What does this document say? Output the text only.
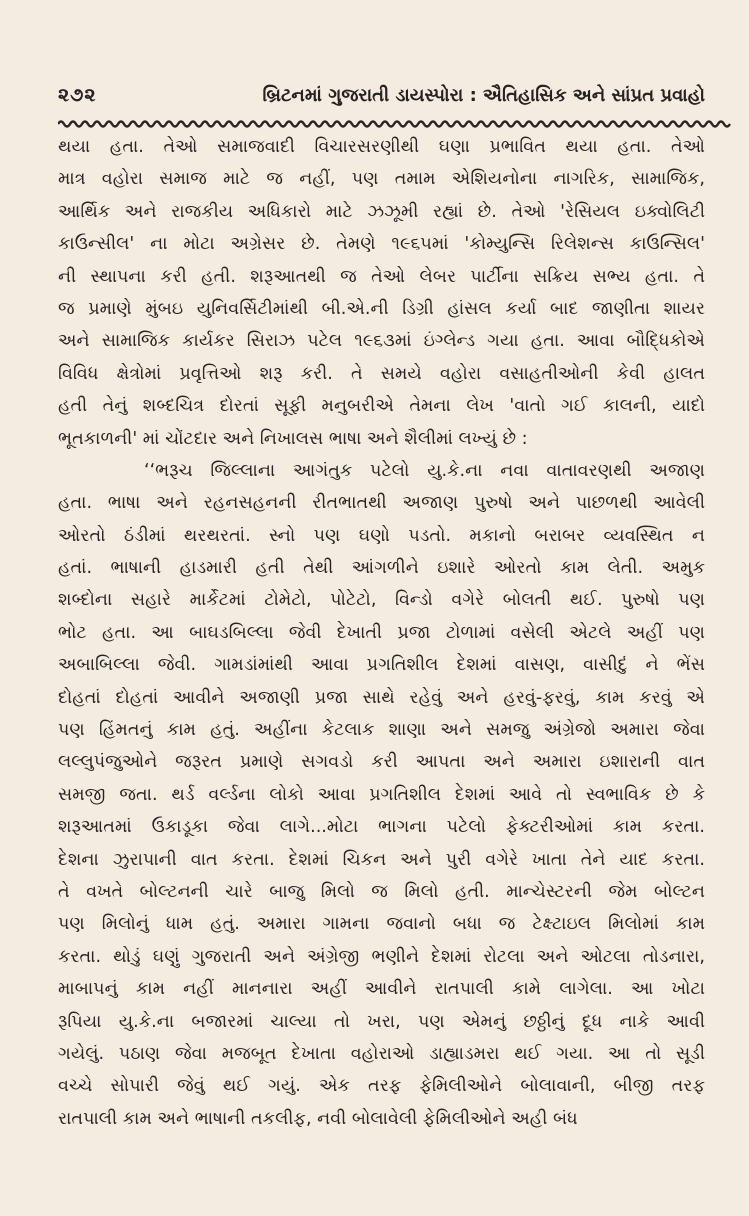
૨૭૨	બ્રિટનમાં ગુજરાતી ડાયસ્પોરા : ઐતિહાસિક અને સાંપ્રત પ્રવાહો
થયા હતા. તેઓ સમાજવાદી વિચારસરણીથી ઘણા પ્રભાવિત થયા હતા. તેઓ
માત્ર વહોરા સમાજ માટે જ નહીં, પણ તમામ એશિયનોના નાગરિક, સામાજિક,
આર્થિક અને રાજકીય અધિકારો માટે ઝઝૂમી રહ્યાં છે. તેઓ 'રેસિયલ ઇક્વોલિટી
કાઉન્સીલ' ના મોટા અગ્રેસર છે. તેમણે ૧૯૬૫માં 'કોમ્યુન્સિ રિલેશન્સ કાઉન્સિલ'
ની સ્થાપના કરી હતી. શરૂઆતથી જ તેઓ લેબર પાર્ટીના સક્રિય સભ્ય હતા. તે
જ પ્રમાણે મુંબઇ યુનિવર્સિટીમાંથી બી.એ.ની ડિગ્રી હાંસલ કર્યા બાદ જાણીતા શાયર
અને સામાજિક કાર્યકર સિરાઝ પટેલ ૧૯૬૩માં ઇંગ્લેન્ડ ગયા હતા. આવા બૌદ્ધિકોએ
વિવિધ ક્ષેત્રોમાં પ્રવૃત્તિઓ શરૂ કરી. તે સમયે વહોરા વસાહતીઓની કેવી હાલત
હતી તેનું શબ્દચિત્ર દોરતાં સૂફી મનુબરીએ તેમના લેખ 'વાતો ગઈ કાલની, યાદો
ભૂતકાળની' માં ચોંટદાર અને નિખાલસ ભાષા અને શૈલીમાં લખ્યું છે :
‘‘ભરૂચ જિલ્લાના આગંતુક પટેલો યુ.કે.ના નવા વાતાવરણથી અજાણ
હતા. ભાષા અને રહનસહનની રીતભાતથી અજાણ પુરુષો અને પાછળથી આવેલી
ઓરતો ઠંડીમાં થરથરતાં. સ્નો પણ ઘણો પડતો. મકાનો બરાબર વ્યવસ્થિત ન
હતાં. ભાષાની હાડમારી હતી તેથી આંગળીને ઇશારે ઓરતો કામ લેતી. અમુક
શબ્દોના સહારે માર્કેટમાં ટોમેટો, પોટેટો, વિન્ડો વગેરે બોલતી થઈ. પુરુષો પણ
ભોટ હતા. આ બાઘડબિલ્લા જેવી દેખાતી પ્રજા ટોળામાં વસેલી એટલે અહીં પણ
અબાબિલ્લા જેવી. ગામડાંમાંથી આવા પ્રગતિશીલ દેશમાં વાસણ, વાસીદું ને ભેંસ
દોહતાં દોહતાં આવીને અજાણી પ્રજા સાથે રહેવું અને હરવું-ફરવું, કામ કરવું એ
પણ હિંમતનું કામ હતું. અહીંના કેટલાક શાણા અને સમજુ અંગ્રેજો અમારા જેવા
લલ્લુપંજુઓને જરૂરત પ્રમાણે સગવડો કરી આપતા અને અમારા ઇશારાની વાત
સમજી જતા. થર્ડ વર્લ્ડના લોકો આવા પ્રગતિશીલ દેશમાં આવે તો સ્વભાવિક છે કે
શરૂઆતમાં ઉકાડૂકા જેવા લાગે...મોટા ભાગના પટેલો ફેક્ટરીઓમાં કામ કરતા.
દેશના ઝુરાપાની વાત કરતા. દેશમાં ચિકન અને પુરી વગેરે ખાતા તેને યાદ કરતા.
તે વખતે બોલ્ટનની ચારે બાજુ મિલો જ મિલો હતી. માન્ચેસ્ટરની જેમ બોલ્ટન
પણ મિલોનું ધામ હતું. અમારા ગામના જવાનો બધા જ ટેક્ષ્ટાઇલ મિલોમાં કામ
કરતા. થોડું ઘણું ગુજરાતી અને અંગ્રેજી ભણીને દેશમાં રોટલા અને ઓટલા તોડનારા,
માબાપનું કામ નહીં માનનારા અહીં આવીને રાતપાલી કામે લાગેલા. આ ખોટા
રૂપિયા યુ.કે.ના બજારમાં ચાલ્યા તો ખરા, પણ એમનું છઠ્ઠીનું દૂધ નાકે આવી
ગયેલું. પઠાણ જેવા મજબૂત દેખાતા વહોરાઓ ડાહ્યાડમરા થઈ ગયા. આ તો સૂડી
વચ્ચે સોપારી જેવું થઈ ગયું. એક તરફ ફેમિલીઓને બોલાવાની, બીજી તરફ
રાતપાલી કામ અને ભાષાની તકલીફ, નવી બોલાવેલી ફેમિલીઓને અહી બંધ
